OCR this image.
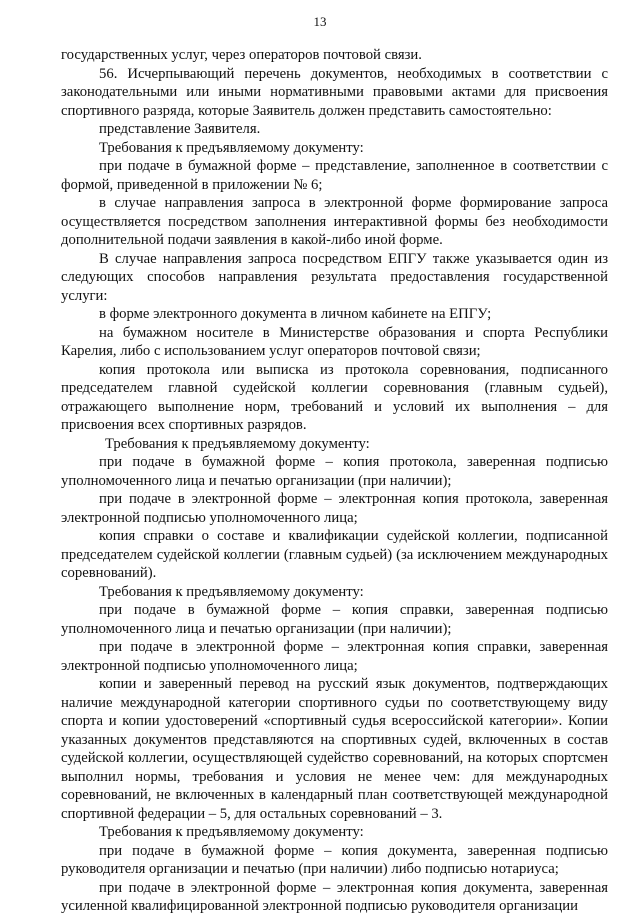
13

государственных услуг, через операторов почтовой связи.

56. Исчерпывающий перечень документов, необходимых в соответствии с законодательными или иными нормативными правовыми актами для присвоения спортивного разряда, которые Заявитель должен представить самостоятельно:

представление Заявителя.

Требования к предъявляемому документу:

при подаче в бумажной форме – представление, заполненное в соответствии с формой, приведенной в приложении № 6;

в случае направления запроса в электронной форме формирование запроса осуществляется посредством заполнения интерактивной формы без необходимости дополнительной подачи заявления в какой-либо иной форме.

В случае направления запроса посредством ЕПГУ также указывается один из следующих способов направления результата предоставления государственной услуги:

в форме электронного документа в личном кабинете на ЕПГУ;

на бумажном носителе в Министерстве образования и спорта Республики Карелия, либо с использованием услуг операторов почтовой связи;

копия протокола или выписка из протокола соревнования, подписанного председателем главной судейской коллегии соревнования (главным судьей), отражающего выполнение норм, требований и условий их выполнения – для присвоения всех спортивных разрядов.

Требования к предъявляемому документу:

при подаче в бумажной форме – копия протокола, заверенная подписью уполномоченного лица и печатью организации (при наличии);

при подаче в электронной форме – электронная копия протокола, заверенная электронной подписью уполномоченного лица;

копия справки о составе и квалификации судейской коллегии, подписанной председателем судейской коллегии (главным судьей) (за исключением международных соревнований).

Требования к предъявляемому документу:

при подаче в бумажной форме – копия справки, заверенная подписью уполномоченного лица и печатью организации (при наличии);

при подаче в электронной форме – электронная копия справки, заверенная электронной подписью уполномоченного лица;

копии и заверенный перевод на русский язык документов, подтверждающих наличие международной категории спортивного судьи по соответствующему виду спорта и копии удостоверений «спортивный судья всероссийской категории». Копии указанных документов представляются на спортивных судей, включенных в состав судейской коллегии, осуществляющей судейство соревнований, на которых спортсмен выполнил нормы, требования и условия не менее чем: для международных соревнований, не включенных в календарный план соответствующей международной спортивной федерации – 5, для остальных соревнований – 3.

Требования к предъявляемому документу:

при подаче в бумажной форме – копия документа, заверенная подписью руководителя организации и печатью (при наличии) либо подписью нотариуса;

при подаче в электронной форме – электронная копия документа, заверенная усиленной квалифицированной электронной подписью руководителя организации
